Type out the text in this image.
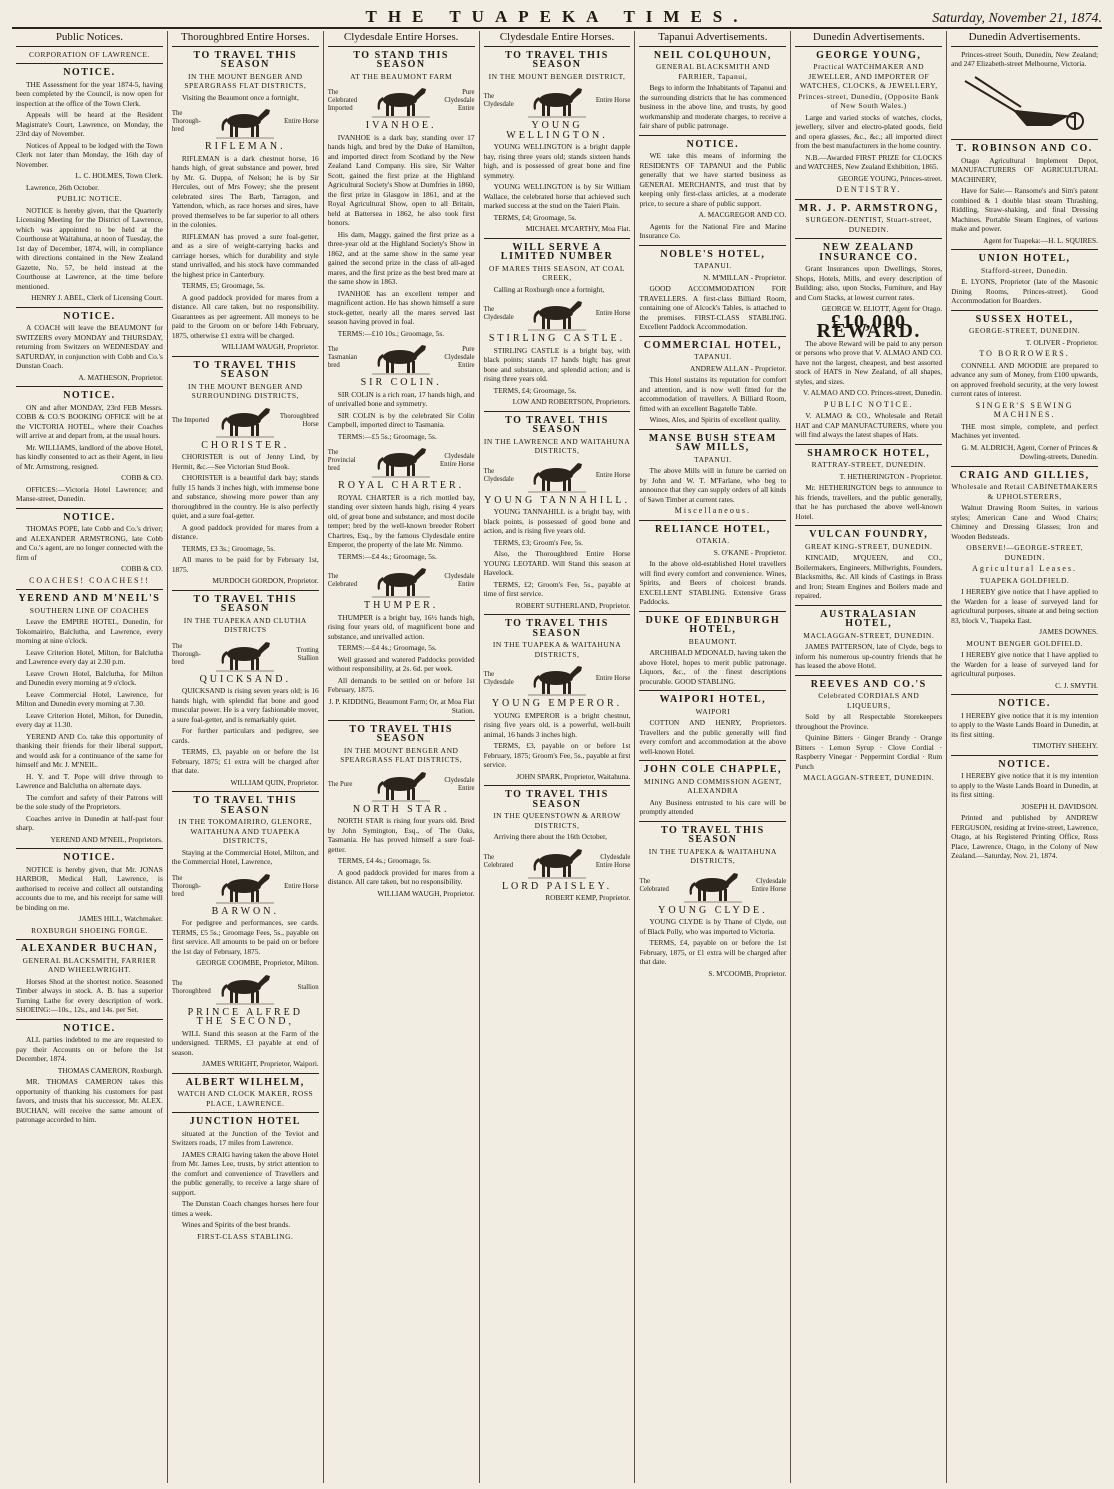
THE TUAPEKA TIMES.	Saturday, November 21, 1874.
Public Notices.
CORPORATION OF LAWRENCE.
NOTICE.
THE Assessment for the year 1874-5, having been completed by the Council, is now open for inspection at the office of the Town Clerk.
Appeals will be heard at the Resident Magistrate's Court, Lawrence, on Monday, the 23rd day of November.
Notices of Appeal to be lodged with the Town Clerk not later than Monday, the 16th day of November.
L. C. HOLMES, Town Clerk.
Lawrence, 26th October.
PUBLIC NOTICE.
NOTICE is hereby given, that the Quarterly Licensing Meeting for the District of Lawrence, which was appointed to be held at the Courthouse at Waitahuna, at noon of Tuesday, the 1st day of December, 1874, will, in compliance with directions contained in the New Zealand Gazette, No. 57, be held instead at the Courthouse at Lawrence, at the time before mentioned.
HENRY J. ABEL, Clerk of Licensing Court.
NOTICE.
A COACH will leave the BEAUMONT for SWITZERS every MONDAY and THURSDAY, returning from Switzers on WEDNESDAY and SATURDAY, in conjunction with Cobb and Co.'s Dunstan Coach.
A. MATHESON, Proprietor.
NOTICE.
ON and after MONDAY, 23rd FEB Messrs. COBB & CO.'S BOOKING OFFICE will be at the VICTORIA HOTEL, where their Coaches will arrive at and depart from, at the usual hours.
Mr. WILLIAMS, landlord of the above Hotel, has kindly consented to act as their Agent, in lieu of Mr. Armstrong, resigned.
COBB & CO.
OFFICES:—Victoria Hotel Lawrence; and Manse-street, Dunedin.
NOTICE.
THOMAS POPE, late Cobb and Co.'s driver; and ALEXANDER ARMSTRONG, late Cobb and Co.'s agent, are no longer connected with the firm of
COBB & CO.
COACHES! COACHES!!
YEREND AND M'NEIL'S
SOUTHERN LINE OF COACHES
Leave the EMPIRE HOTEL, Dunedin, for Tokomairiro, Balclutha, and Lawrence, every morning at nine o'clock.
Leave Criterion Hotel, Milton, for Balclutha and Lawrence every day at 2.30 p.m.
Leave Crown Hotel, Balclutha, for Milton and Dunedin every morning at 9 o'clock.
Leave Commercial Hotel, Lawrence, for Milton and Dunedin every morning at 7.30.
Leave Criterion Hotel, Milton, for Dunedin, every day at 11.30.
YEREND AND Co. take this opportunity of thanking their friends for their liberal support, and would ask for a continuance of the same for himself and Mr. J. M'NEIL.
H. Y. and T. Pope will drive through to Lawrence and Balclutha on alternate days.
The comfort and safety of their Patrons will be the sole study of the Proprietors.
Coaches arrive in Dunedin at half-past four sharp.
YEREND AND M'NEIL, Proprietors.
NOTICE.
NOTICE is hereby given, that Mr. JONAS HARBOR, Medical Hall, Lawrence, is authorised to receive and collect all outstanding accounts due to me, and his receipt for same will be binding on me.
JAMES HILL, Watchmaker.
ROXBURGH SHOEING FORGE.
ALEXANDER BUCHAN,
GENERAL BLACKSMITH, FARRIER AND WHEELWRIGHT.
Horses Shod at the shortest notice. Seasoned Timber always in stock. A. B. has a superior Turning Lathe for every description of work. SHOEING:—10s., 12s., and 14s. per Set.
NOTICE.
ALL parties indebted to me are requested to pay their Accounts on or before the 1st December, 1874.
THOMAS CAMERON, Roxburgh.
MR. THOMAS CAMERON takes this opportunity of thanking his customers for past favors, and trusts that his successor, Mr. ALEX. BUCHAN, will receive the same amount of patronage accorded to him.
Thoroughbred Entire Horses.
TO TRAVEL THIS SEASON
IN THE MOUNT BENGER AND SPEARGRASS FLAT DISTRICTS,
Visiting the Beaumont once a fortnight,
The Thorough-bred
Entire Horse
RIFLEMAN.
RIFLEMAN is a dark chestnut horse, 16 hands high, of great substance and power, bred by Mr. G. Duppa, of Nelson; he is by Sir Hercules, out of Mrs Fowey; she the present celebrated sires The Barb, Tarragon, and Yattendon, which, as race horses and sires, have proved themselves to be far superior to all others in the colonies.
RIFLEMAN has proved a sure foal-getter, and as a sire of weight-carrying hacks and carriage horses, which for durability and style stand unrivalled, and his stock have commanded the highest price in Canterbury.
TERMS, £5; Groomage, 5s.
A good paddock provided for mares from a distance. All care taken, but no responsibility. Guarantees as per agreement. All moneys to be paid to the Groom on or before 14th February, 1875, otherwise £1 extra will be charged.
WILLIAM WAUGH, Proprietor.
TO TRAVEL THIS SEASON
IN THE MOUNT BENGER AND SURROUNDING DISTRICTS,
The Imported
Thoroughbred Horse
CHORISTER.
CHORISTER is out of Jenny Lind, by Hermit, &c.—See Victorian Stud Book.
CHORISTER is a beautiful dark bay; stands fully 15 hands 3 inches high, with immense bone and substance, showing more power than any thoroughbred in the country. He is also perfectly quiet, and a sure foal-getter.
A good paddock provided for mares from a distance.
TERMS, £3 3s.; Groomage, 5s.
All mares to be paid for by February 1st, 1875.
MURDOCH GORDON, Proprietor.
TO TRAVEL THIS SEASON
IN THE TUAPEKA AND CLUTHA DISTRICTS
The Thorough-bred
Trotting Stallion
QUICKSAND.
QUICKSAND is rising seven years old; is 16 hands high, with splendid flat bone and good muscular power. He is a very fashionable mover, a sure foal-getter, and is remarkably quiet.
For further particulars and pedigree, see cards.
TERMS, £3, payable on or before the 1st February, 1875; £1 extra will be charged after that date.
WILLIAM QUIN, Proprietor.
TO TRAVEL THIS SEASON
IN THE TOKOMAIRIRO, GLENORE, WAITAHUNA AND TUAPEKA DISTRICTS,
Staying at the Commercial Hotel, Milton, and the Commercial Hotel, Lawrence,
The Thorough-bred
Entire Horse
BARWON.
For pedigree and performances, see cards. TERMS, £5 5s.; Groomage Fees, 5s., payable on first service. All amounts to be paid on or before the 1st day of February, 1875.
GEORGE COOMBE, Proprietor, Milton.
The Thoroughbred
Stallion
PRINCE ALFRED THE SECOND,
WILL Stand this season at the Farm of the undersigned. TERMS, £3 payable at end of season.
JAMES WRIGHT, Proprietor, Waipori.
ALBERT WILHELM,
WATCH AND CLOCK MAKER, ROSS PLACE, LAWRENCE.
JUNCTION HOTEL
situated at the Junction of the Teviot and Switzers roads, 17 miles from Lawrence.
JAMES CRAIG having taken the above Hotel from Mr. James Lee, trusts, by strict attention to the comfort and convenience of Travellers and the public generally, to receive a large share of support.
The Dunstan Coach changes horses here four times a week.
Wines and Spirits of the best brands.
FIRST-CLASS STABLING.
Clydesdale Entire Horses.
TO STAND THIS SEASON
AT THE BEAUMONT FARM
The Celebrated Imported
Pure Clydesdale Entire
IVANHOE.
IVANHOE is a dark bay, standing over 17 hands high, and bred by the Duke of Hamilton, and imported direct from Scotland by the New Zealand Land Company. His sire, Sir Walter Scott, gained the first prize at the Highland Agricultural Society's Show at Dumfries in 1860, the first prize in Glasgow in 1861, and at the Royal Agricultural Show, open to all Britain, held at Battersea in 1862, he also took first honors.
His dam, Maggy, gained the first prize as a three-year old at the Highland Society's Show in 1862, and at the same show in the same year gained the second prize in the class of all-aged mares, and the first prize as the best bred mare at the same show in 1863.
IVANHOE has an excellent temper and magnificent action. He has shown himself a sure stock-getter, nearly all the mares served last season having proved in foal.
TERMS:—£10 10s.; Groomage, 5s.
The Tasmanian bred
Pure Clydesdale Entire
SIR COLIN.
SIR COLIN is a rich roan, 17 hands high, and of unrivalled bone and symmetry.
SIR COLIN is by the celebrated Sir Colin Campbell, imported direct to Tasmania.
TERMS:—£5 5s.; Groomage, 5s.
The Provincial bred
Clydesdale Entire Horse
ROYAL CHARTER.
ROYAL CHARTER is a rich mottled bay, standing over sixteen hands high, rising 4 years old, of great bone and substance, and most docile temper; bred by the well-known breeder Robert Chartres, Esq., by the famous Clydesdale entire Emperor, the property of the late Mr. Nimmo.
TERMS:—£4 4s.; Groomage, 5s.
The Celebrated
Clydesdale Entire
THUMPER.
THUMPER is a bright bay, 16½ hands high, rising four years old, of magnificent bone and substance, and unrivalled action.
TERMS:—£4 4s.; Groomage, 5s.
Well grassed and watered Paddocks provided without responsibility, at 2s. 6d. per week.
All demands to be settled on or before 1st February, 1875.
J. P. KIDDING, Beaumont Farm; Or, at Moa Flat Station.
TO TRAVEL THIS SEASON
IN THE MOUNT BENGER AND SPEARGRASS FLAT DISTRICTS,
The Pure
Clydesdale Entire
NORTH STAR.
NORTH STAR is rising four years old. Bred by John Symington, Esq., of The Oaks, Tasmania. He has proved himself a sure foal-getter.
TERMS, £4 4s.; Groomage, 5s.
A good paddock provided for mares from a distance. All care taken, but no responsibility.
WILLIAM WAUGH, Proprietor.
Clydesdale Entire Horses.
TO TRAVEL THIS SEASON
IN THE MOUNT BENGER DISTRICT,
The Clydesdale
Entire Horse
YOUNG WELLINGTON.
YOUNG WELLINGTON is a bright dapple bay, rising three years old; stands sixteen hands high, and is possessed of great bone and fine symmetry.
YOUNG WELLINGTON is by Sir William Wallace, the celebrated horse that achieved such marked success at the stud on the Taieri Plain.
TERMS, £4; Groomage, 5s.
MICHAEL M'CARTHY, Moa Flat.
WILL SERVE A LIMITED NUMBER
OF MARES THIS SEASON, AT COAL CREEK,
Calling at Roxburgh once a fortnight,
The Clydesdale
Entire Horse
STIRLING CASTLE.
STIRLING CASTLE is a bright bay, with black points; stands 17 hands high; has great bone and substance, and splendid action; and is rising three years old.
TERMS, £4; Groomage, 5s.
LOW AND ROBERTSON, Proprietors.
TO TRAVEL THIS SEASON
IN THE LAWRENCE AND WAITAHUNA DISTRICTS,
The Clydesdale
Entire Horse
YOUNG TANNAHILL.
YOUNG TANNAHILL is a bright bay, with black points, is possessed of good bone and action, and is rising five years old.
TERMS, £3; Groom's Fee, 5s.
Also, the Thoroughbred Entire Horse YOUNG LEOTARD. Will Stand this season at Havelock.
TERMS, £2; Groom's Fee, 5s., payable at time of first service.
ROBERT SUTHERLAND, Proprietor.
TO TRAVEL THIS SEASON
IN THE TUAPEKA & WAITAHUNA DISTRICTS,
The Clydesdale
Entire Horse
YOUNG EMPEROR.
YOUNG EMPEROR is a bright chestnut, rising five years old, is a powerful, well-built animal, 16 hands 3 inches high.
TERMS, £3, payable on or before 1st February, 1875; Groom's Fee, 5s., payable at first service.
JOHN SPARK, Proprietor, Waitahuna.
TO TRAVEL THIS SEASON
IN THE QUEENSTOWN & ARROW DISTRICTS,
Arriving there about the 16th October,
The Celebrated
Clydesdale Entire Horse
LORD PAISLEY.
ROBERT KEMP, Proprietor.
Tapanui Advertisements.
NEIL COLQUHOUN,
GENERAL BLACKSMITH AND FARRIER, Tapanui,
Begs to inform the Inhabitants of Tapanui and the surrounding districts that he has commenced business in the above line, and trusts, by good workmanship and moderate charges, to receive a fair share of public patronage.
NOTICE.
WE take this means of informing the RESIDENTS OF TAPANUI and the Public generally that we have started business as GENERAL MERCHANTS, and trust that by keeping only first-class articles, at a moderate price, to secure a share of public support.
A. MACGREGOR AND CO.
Agents for the National Fire and Marine Insurance Co.
NOBLE'S HOTEL,
TAPANUI.
N. M'MILLAN - Proprietor.
GOOD ACCOMMODATION FOR TRAVELLERS. A first-class Billiard Room, containing one of Alcock's Tables, is attached to the premises. FIRST-CLASS STABLING. Excellent Paddock Accommodation.
COMMERCIAL HOTEL,
TAPANUI.
ANDREW ALLAN - Proprietor.
This Hotel sustains its reputation for comfort and attention, and is now well fitted for the accommodation of travellers. A Billiard Room, fitted with an excellent Bagatelle Table.
Wines, Ales, and Spirits of excellent quality.
MANSE BUSH STEAM SAW MILLS,
TAPANUI.
The above Mills will in future be carried on by John and W. T. M'Farlane, who beg to announce that they can supply orders of all kinds of Sawn Timber at current rates.
Miscellaneous.
RELIANCE HOTEL,
OTAKIA.
S. O'KANE - Proprietor.
In the above old-established Hotel travellers will find every comfort and convenience. Wines, Spirits, and Beers of choicest brands. EXCELLENT STABLING. Extensive Grass Paddocks.
DUKE OF EDINBURGH HOTEL,
BEAUMONT.
ARCHIBALD M'DONALD, having taken the above Hotel, hopes to merit public patronage. Liquors, &c., of the finest descriptions procurable. GOOD STABLING.
WAIPORI HOTEL,
WAIPORI
COTTON AND HENRY, Proprietors. Travellers and the public generally will find every comfort and accommodation at the above well-known Hotel.
JOHN COLE CHAPPLE,
MINING AND COMMISSION AGENT, ALEXANDRA
Any Business entrusted to his care will be promptly attended
TO TRAVEL THIS SEASON
IN THE TUAPEKA & WAITAHUNA DISTRICTS,
The Celebrated
Clydesdale Entire Horse
YOUNG CLYDE.
YOUNG CLYDE is by Thane of Clyde, out of Black Polly, who was imported to Victoria.
TERMS, £4, payable on or before the 1st February, 1875, or £1 extra will be charged after that date.
S. M'COOMB, Proprietor.
Dunedin Advertisements.
GEORGE YOUNG,
Practical WATCHMAKER AND JEWELLER, AND IMPORTER OF WATCHES, CLOCKS, & JEWELLERY,
Princes-street, Dunedin, (Opposite Bank of New South Wales.)
Large and varied stocks of watches, clocks, jewellery, silver and electro-plated goods, field and opera glasses, &c., &c.; all imported direct from the best manufacturers in the home country.
N.B.—Awarded FIRST PRIZE for CLOCKS and WATCHES, New Zealand Exhibition, 1865.
GEORGE YOUNG, Princes-street.
DENTISTRY.
MR. J. P. ARMSTRONG,
SURGEON-DENTIST, Stuart-street, DUNEDIN.
NEW ZEALAND INSURANCE CO.
Grant Insurances upon Dwellings, Stores, Shops, Hotels, Mills, and every description of Building; also, upon Stocks, Furniture, and Hay and Corn Stacks, at lowest current rates.
GEORGE W. ELIOTT, Agent for Otago.
£10,000 REWARD.
The above Reward will be paid to any person or persons who prove that V. ALMAO AND CO. have not the largest, cheapest, and best assorted stock of HATS in New Zealand, of all shapes, styles, and sizes.
V. ALMAO AND CO. Princes-street, Dunedin.
PUBLIC NOTICE.
V. ALMAO & CO., Wholesale and Retail HAT and CAP MANUFACTURERS, where you will find always the latest shapes of Hats.
SHAMROCK HOTEL,
RATTRAY-STREET, DUNEDIN.
T. HETHERINGTON - Proprietor.
Mr. HETHERINGTON begs to announce to his friends, travellers, and the public generally, that he has purchased the above well-known Hotel.
VULCAN FOUNDRY,
GREAT KING-STREET, DUNEDIN.
KINCAID, M'QUEEN, and CO., Boilermakers, Engineers, Millwrights, Founders, Blacksmiths, &c. All kinds of Castings in Brass and Iron; Steam Engines and Boilers made and repaired.
AUSTRALASIAN HOTEL,
MACLAGGAN-STREET, DUNEDIN.
JAMES PATTERSON, late of Clyde, begs to inform his numerous up-country friends that he has leased the above Hotel.
REEVES AND CO.'S
Celebrated CORDIALS AND LIQUEURS,
Sold by all Respectable Storekeepers throughout the Province.
Quinine Bitters · Ginger Brandy · Orange Bitters · Lemon Syrup · Clove Cordial · Raspberry Vinegar · Peppermint Cordial · Rum Punch
MACLAGGAN-STREET, DUNEDIN.
Dunedin Advertisements.
Princes-street South, Dunedin, New Zealand; and 247 Elizabeth-street Melbourne, Victoria.
T. ROBINSON AND CO.
Otago Agricultural Implement Depot, MANUFACTURERS OF AGRICULTURAL MACHINERY,
Have for Sale:— Ransome's and Sim's patent combined & 1 double blast steam Thrashing, Riddling, Straw-shaking, and final Dressing Machines. Portable Steam Engines, of various make and power.
Agent for Tuapeka:—H. L. SQUIRES.
UNION HOTEL,
Stafford-street, Dunedin.
E. LYONS, Proprietor (late of the Masonic Dining Rooms, Princes-street). Good Accommodation for Boarders.
SUSSEX HOTEL,
GEORGE-STREET, DUNEDIN.
T. OLIVER - Proprietor.
TO BORROWERS.
CONNELL AND MOODIE are prepared to advance any sum of Money, from £100 upwards, on approved freehold security, at the very lowest current rates of interest.
SINGER'S SEWING MACHINES.
THE most simple, complete, and perfect Machines yet invented.
G. M. ALDRICH, Agent, Corner of Princes & Dowling-streets, Dunedin.
CRAIG AND GILLIES,
Wholesale and Retail CABINETMAKERS & UPHOLSTERERS,
Walnut Drawing Room Suites, in various styles; American Cane and Wood Chairs; Chimney and Dressing Glasses; Iron and Wooden Bedsteads.
OBSERVE!—GEORGE-STREET, DUNEDIN.
Agricultural Leases.
TUAPEKA GOLDFIELD.
I HEREBY give notice that I have applied to the Warden for a lease of surveyed land for agricultural purposes, situate at and being section 83, block V., Tuapeka East.
JAMES DOWNES.
MOUNT BENGER GOLDFIELD.
I HEREBY give notice that I have applied to the Warden for a lease of surveyed land for agricultural purposes.
C. J. SMYTH.
NOTICE.
I HEREBY give notice that it is my intention to apply to the Waste Lands Board in Dunedin, at its first sitting.
TIMOTHY SHEEHY.
NOTICE.
I HEREBY give notice that it is my intention to apply to the Waste Lands Board in Dunedin, at its first sitting.
JOSEPH H. DAVIDSON.
Printed and published by ANDREW FERGUSON, residing at Irvine-street, Lawrence, Otago, at his Registered Printing Office, Ross Place, Lawrence, Otago, in the Colony of New Zealand.—Saturday, Nov. 21, 1874.
